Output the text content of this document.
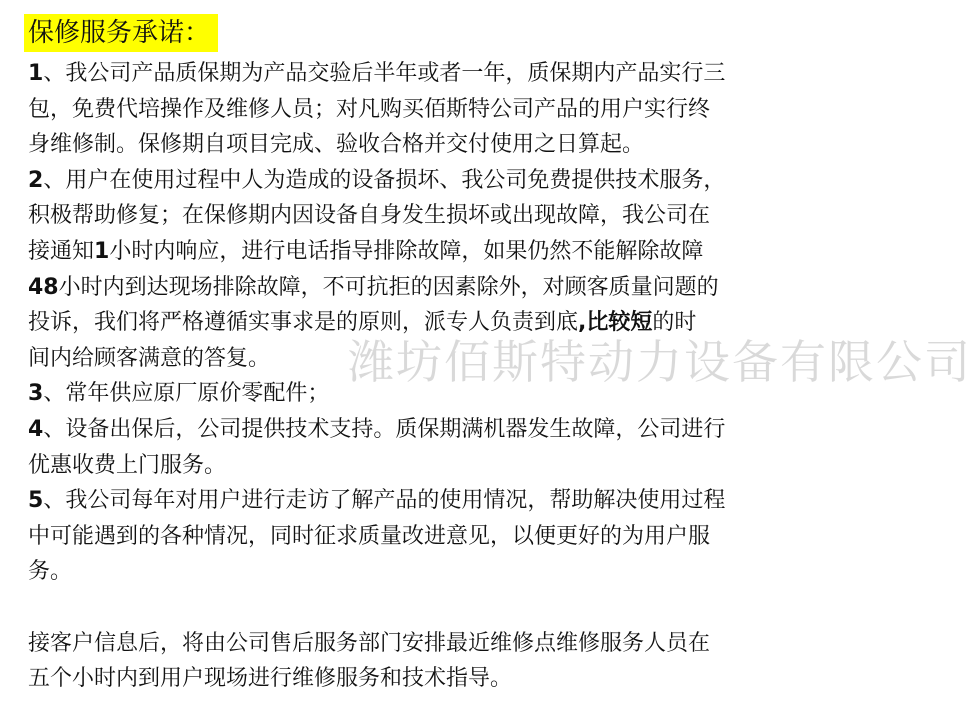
保修服务承诺：
1、我公司产品质保期为产品交验后半年或者一年，质保期内产品实行三
包，免费代培操作及维修人员；对凡购买佰斯特公司产品的用户实行终
身维修制。保修期自项目完成、验收合格并交付使用之日算起。
2、用户在使用过程中人为造成的设备损坏、我公司免费提供技术服务，
积极帮助修复；在保修期内因设备自身发生损坏或出现故障，我公司在
接通知1小时内响应，进行电话指导排除故障，如果仍然不能解除故障
48小时内到达现场排除故障，不可抗拒的因素除外，对顾客质量问题的
投诉，我们将严格遵循实事求是的原则，派专人负责到底,比较短的时
间内给顾客满意的答复。
3、常年供应原厂原价零配件；
4、设备出保后，公司提供技术支持。质保期满机器发生故障，公司进行
优惠收费上门服务。
5、我公司每年对用户进行走访了解产品的使用情况，帮助解决使用过程
中可能遇到的各种情况，同时征求质量改进意见，以便更好的为用户服
务。
接客户信息后，将由公司售后服务部门安排最近维修点维修服务人员在
五个小时内到用户现场进行维修服务和技术指导。
潍坊佰斯特动力设备有限公司
